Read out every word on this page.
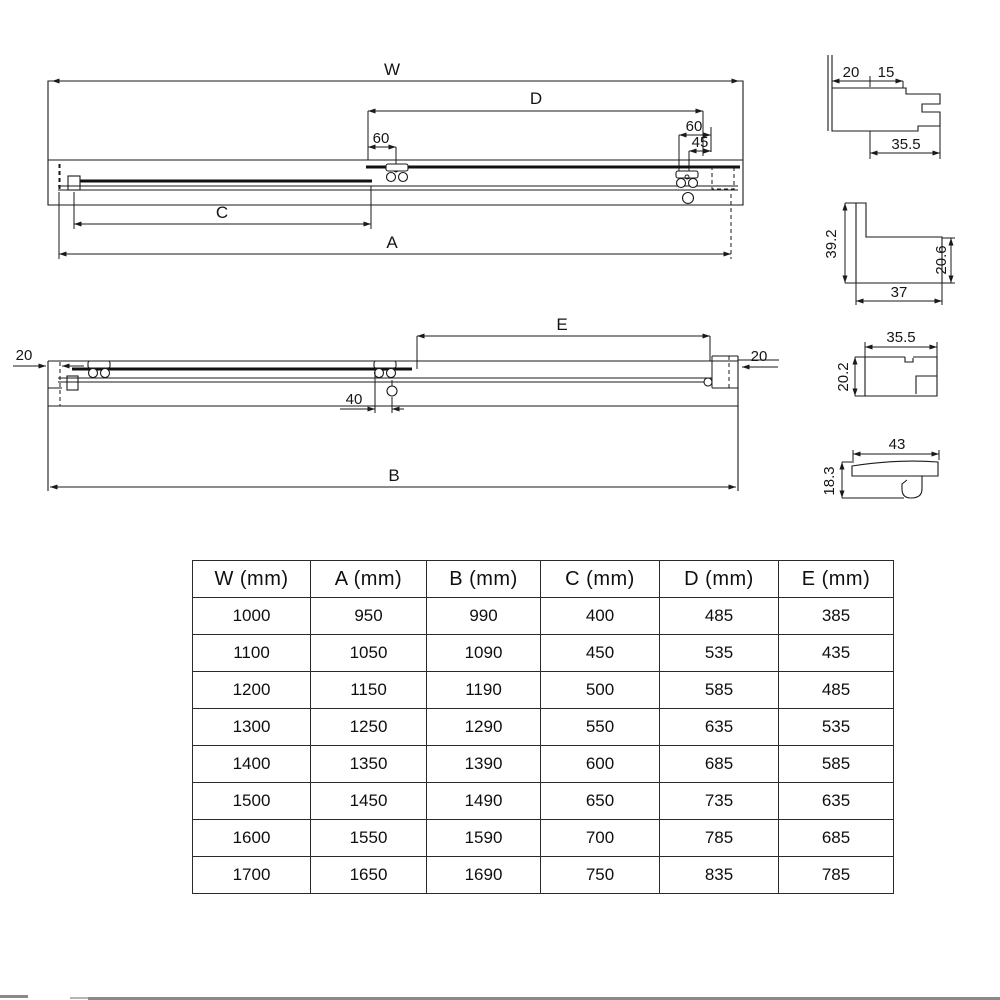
W
D
60
60
45
C
A
20	20
40
E
B
20 15
35.5
39.2
20.6
37
35.5
20.2
43
18.3
W (mm)	A (mm)	B (mm)	C (mm)	D (mm)	E (mm)
1000	950	990	400	485	385
1100	1050	1090	450	535	435
1200	1150	1190	500	585	485
1300	1250	1290	550	635	535
1400	1350	1390	600	685	585
1500	1450	1490	650	735	635
1600	1550	1590	700	785	685
1700	1650	1690	750	835	785
